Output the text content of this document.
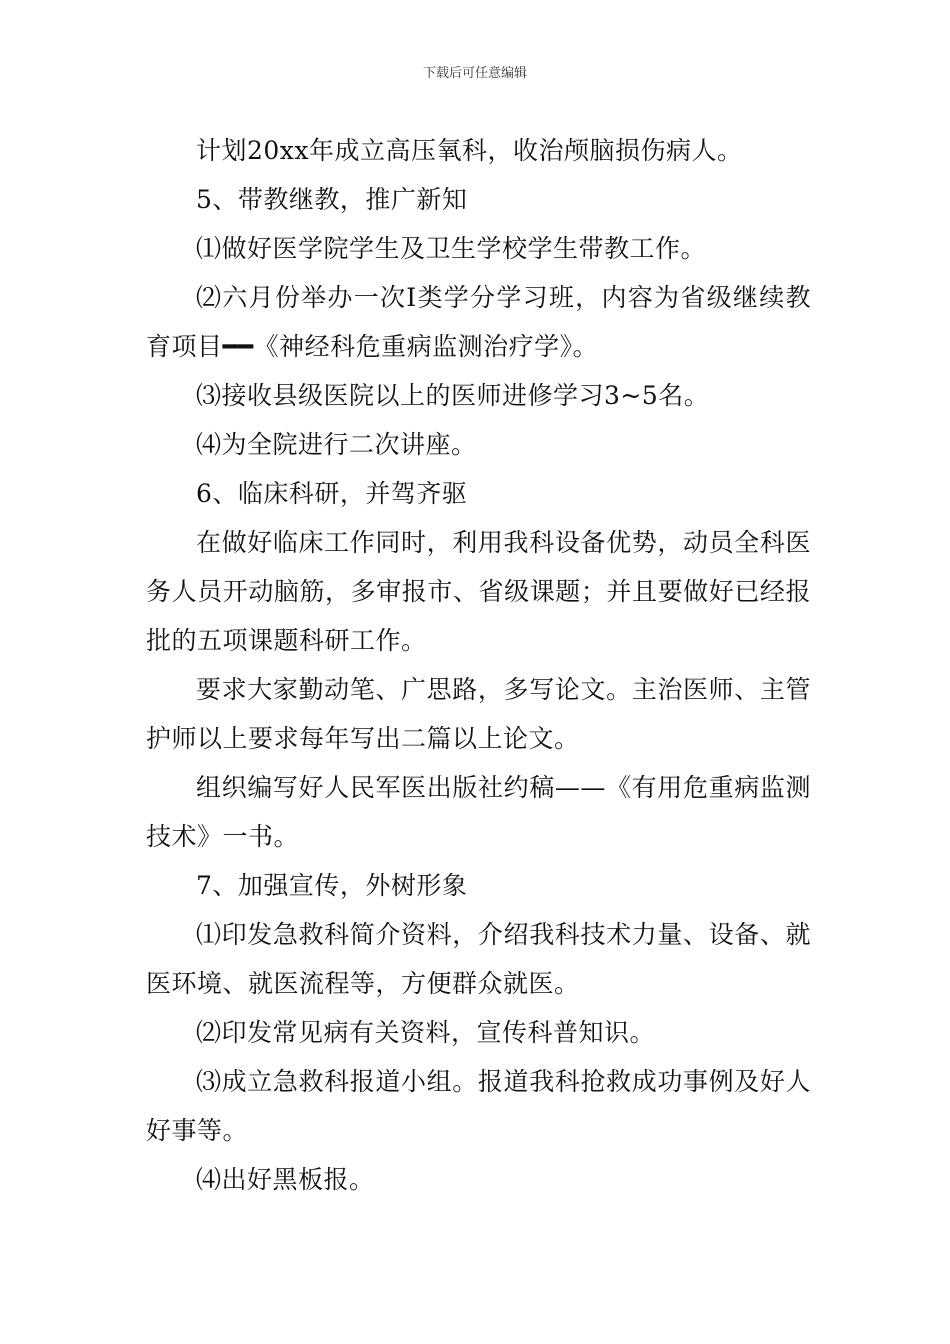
下载后可任意编辑

计划20xx年成立高压氧科，收治颅脑损伤病人。

5、带教继教，推广新知

⑴做好医学院学生及卫生学校学生带教工作。

⑵六月份举办一次Ⅰ类学分学习班，内容为省级继续教育项目━━《神经科危重病监测治疗学》。

⑶接收县级医院以上的医师进修学习3~5名。

⑷为全院进行二次讲座。

6、临床科研，并驾齐驱

在做好临床工作同时，利用我科设备优势，动员全科医务人员开动脑筋，多审报市、省级课题；并且要做好已经报批的五项课题科研工作。

要求大家勤动笔、广思路，多写论文。主治医师、主管护师以上要求每年写出二篇以上论文。

组织编写好人民军医出版社约稿——《有用危重病监测技术》一书。

7、加强宣传，外树形象

⑴印发急救科简介资料，介绍我科技术力量、设备、就医环境、就医流程等，方便群众就医。

⑵印发常见病有关资料，宣传科普知识。

⑶成立急救科报道小组。报道我科抢救成功事例及好人好事等。

⑷出好黑板报。
